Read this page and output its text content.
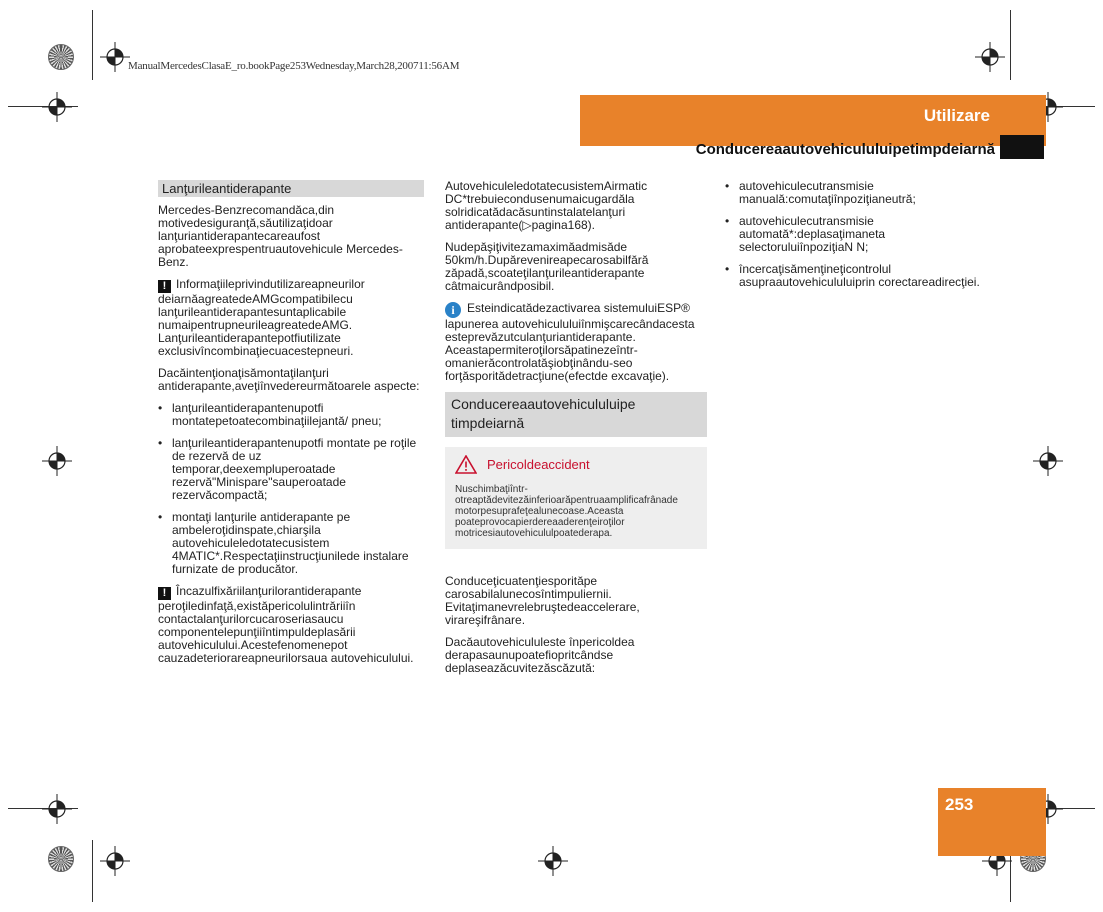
ManualMercedesClasaE_ro.bookPage253Wednesday,March28,200711:56AM
Utilizare
Conducereaautovehicululuipetimpdeiarnă
Lanţurileantiderapante

Mercedes-Benzrecomandăca,din motivedesiguranţă,săutilizaţidoar lanţuriantiderapantecareaufost aprobateexprespentruautovehicule Mercedes-Benz.

! Informaţiileprivindutilizareapneurilor deiarnăagreatedeAMGcompatibilecu lanţurileantiderapantesuntaplicabile numaipentrupneurileagreatedeAMG. Lanţurileantiderapantepotfiutilizate exclusivîncombinaţiecuacestepneuri.

Dacăintenţionaţisămontaţilanţuri antiderapante,aveţiînvedereurmătoarele aspecte:

• lanţurileantiderapantenupotfi montatepetoatecombinaţiilejantă/ pneu;
• lanţurileantiderapantenupotfi montate pe roţile de rezervă de uz temporar,deexempluperoatade rezervă"Minispare"sauperoatade rezervăcompactă;
• montaţi lanţurile antiderapante pe ambeleroţidinspate,chiarşila autovehiculeledotatecusistem 4MATIC*.Respectaţiinstrucţiunilede instalare furnizate de producător.

! Încazulfixăriilanţurilorantiderapante peroţiledinfaţă,existăpericolulintrăriiîn contactalanţurilorcucaroseriasaucu componentelepunţiiîntimpuldeplasării autovehiculului.Acestefenomenepot cauzadeteriorareapneurilorsaua autovehiculului.

AutovehiculeledotatecusistemAirmatic DC*trebuiecondusenumaicugardăla solridicatădacăsuntinstalatelanţuri antiderapante(▷pagina168).

Nudepăşiţivitezamaximăadmisăde 50km/h.Dupărevenireapecarosabilfără zăpadă,scoateţilanţurileantiderapante câtmaicurândposibil.

i Esteindicatădezactivarea sistemuluiESP® lapunerea autovehicululuiînmişcarecândacesta esteprevăzutculanţuriantiderapante. Aceastapermiteroţilorsăpatinezeîntr- omanierăcontrolatăşiobţinându-seo forţăsporitădetracţiune(efectde excavaţie).

Conducereaautovehicululuipe timpdeiarnă
Pericoldeaccident
Nuschimbaţiîntr-otreaptădevitezăinferioarăpentruaamplificafrânade motorpesuprafeţealunecoase.Aceasta poateprovocapierdereaaderenţeiroţilor motricesiautovehicululpoatederapa.

Conduceţicuatenţiesporităpe carosabilalunecosîntimpuliernii. Evitaţimanevrelebruştedeaccelerare, virareşifrânare.

Dacăautovehicululeste înpericoldea derapasaunupoatefiopritcândse deplaseazăcuvitezăscăzută:

• autovehiculecutransmisie manuală:comutaţiînpoziţianeutră;
• autovehiculecutransmisie automată*:deplasaţimaneta selectoruluiînpoziţiaN N;
• încercaţisămenţineţicontrolul asupraautovehicululuiprin corectareadirecţiei.
253
